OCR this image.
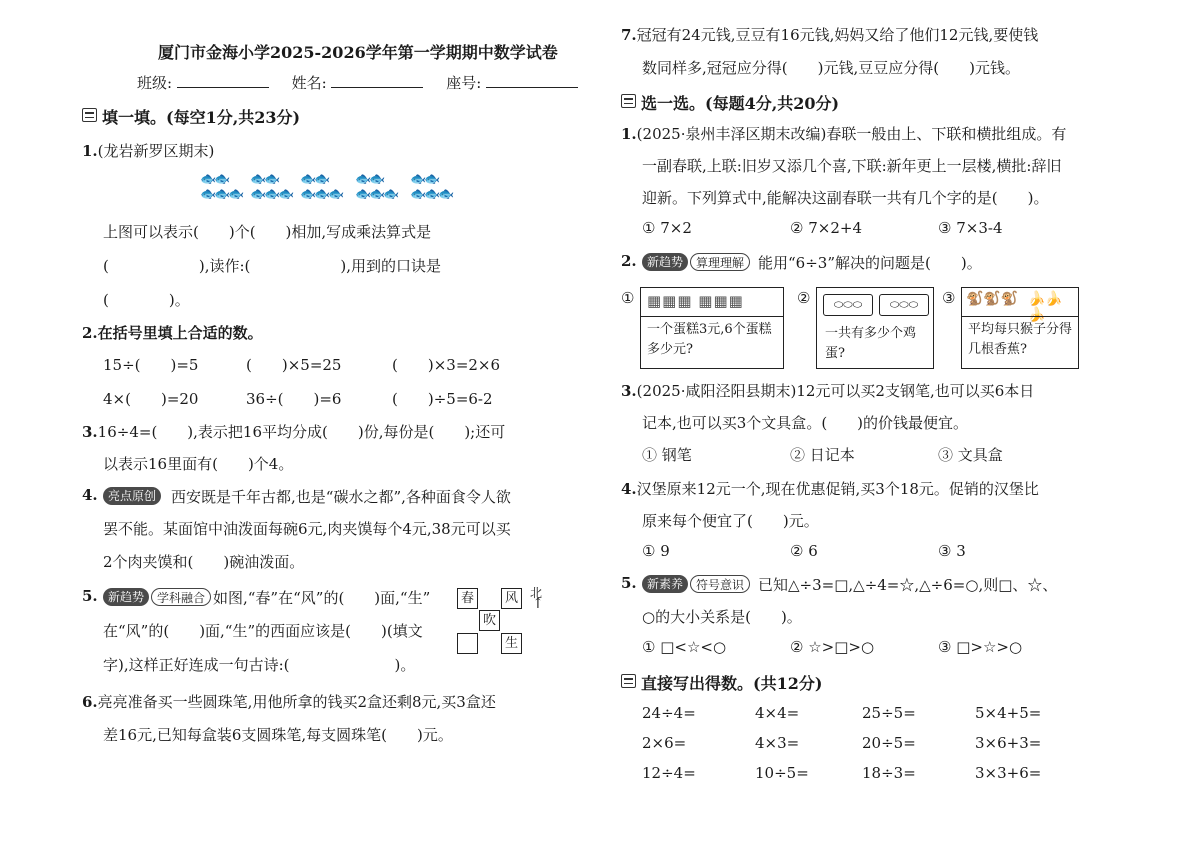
厦门市金海小学2025-2026学年第一学期期中数学试卷
班级:	姓名:	座号:
填一填。(每空1分,共23分)
1.(龙岩新罗区期末)
🐟🐟
🐟🐟🐟
🐟🐟
🐟🐟🐟
🐟🐟
🐟🐟🐟
🐟🐟
🐟🐟🐟
🐟🐟
🐟🐟🐟
上图可以表示(　　)个(　　)相加,写成乘法算式是
(　　　　　　),读作:(　　　　　　),用到的口诀是
(　　　　)。
2.在括号里填上合适的数。
15÷(　　)=5	(　　)×5=25	(　　)×3=2×6
4×(　　)=20	36÷(　　)=6	(　　)÷5=6-2
3.16÷4=(　　),表示把16平均分成(　　)份,每份是(　　);还可
以表示16里面有(　　)个4。
4. 亮点原创 西安既是千年古都,也是“碳水之都”,各种面食令人欲
罢不能。某面馆中油泼面每碗6元,肉夹馍每个4元,38元可以买
2个肉夹馍和(　　)碗油泼面。
5. 新趋势	学科融合 如图,“春”在“风”的(　　)面,“生”
在“风”的(　　)面,“生”的西面应该是(　　)(填文
字),这样正好连成一句古诗:(　　　　　　　)。
春	风
吹
生
北
↑
6.亮亮准备买一些圆珠笔,用他所拿的钱买2盒还剩8元,买3盒还
差16元,已知每盒装6支圆珠笔,每支圆珠笔(　　)元。
7.冠冠有24元钱,豆豆有16元钱,妈妈又给了他们12元钱,要使钱
数同样多,冠冠应分得(　　)元钱,豆豆应分得(　　)元钱。
选一选。(每题4分,共20分)
1.(2025·泉州丰泽区期末改编)春联一般由上、下联和横批组成。有
一副春联,上联:旧岁又添几个喜,下联:新年更上一层楼,横批:辞旧
迎新。下列算式中,能解决这副春联一共有几个字的是(　　)。
① 7×2	② 7×2+4	③ 7×3-4
2. 新趋势	算理理解 能用“6÷3”解决的问题是(　　)。
① ▦▦▦ ▦▦▦
一个蛋糕3元,6个蛋糕多少元?
②	⬭⬭⬭	⬭⬭⬭
一共有多少个鸡蛋?
③ 🐒🐒🐒 🍌🍌🍌
平均每只猴子分得几根香蕉?
3.(2025·咸阳泾阳县期末)12元可以买2支钢笔,也可以买6本日
记本,也可以买3个文具盒。(　　)的价钱最便宜。
① 钢笔	② 日记本	③ 文具盒
4.汉堡原来12元一个,现在优惠促销,买3个18元。促销的汉堡比
原来每个便宜了(　　)元。
① 9	② 6	③ 3
5. 新素养	符号意识 已知△÷3=□,△÷4=☆,△÷6=○,则□、☆、
○的大小关系是(　　)。
① □<☆<○	② ☆>□>○	③ □>☆>○
直接写出得数。(共12分)
24÷4=	4×4=	25÷5=	5×4+5=
2×6=	4×3=	20÷5=	3×6+3=
12÷4=	10÷5=	18÷3=	3×3+6=
